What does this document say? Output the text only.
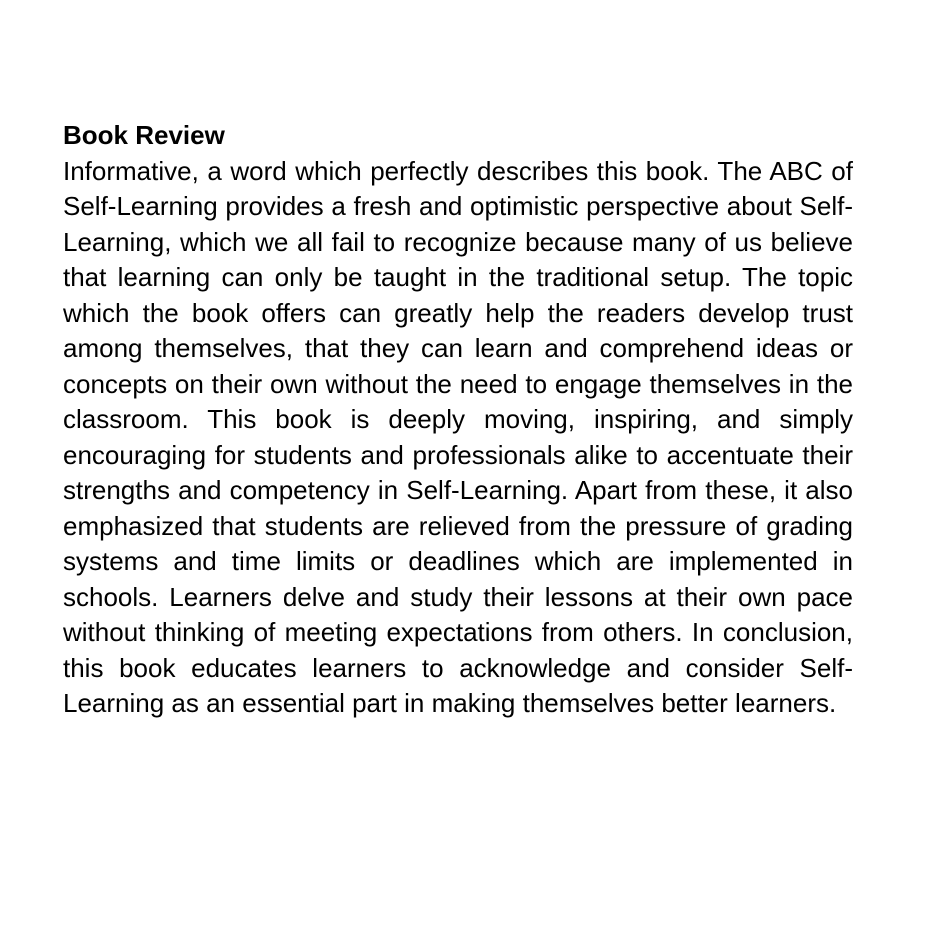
Book Review

Informative, a word which perfectly describes this book. The ABC of Self-Learning provides a fresh and optimistic perspective about Self-Learning, which we all fail to recognize because many of us believe that learning can only be taught in the traditional setup. The topic which the book offers can greatly help the readers develop trust among themselves, that they can learn and comprehend ideas or concepts on their own without the need to engage themselves in the classroom. This book is deeply moving, inspiring, and simply encouraging for students and professionals alike to accentuate their strengths and competency in Self-Learning. Apart from these, it also emphasized that students are relieved from the pressure of grading systems and time limits or deadlines which are implemented in schools. Learners delve and study their lessons at their own pace without thinking of meeting expectations from others. In conclusion, this book educates learners to acknowledge and consider Self-Learning as an essential part in making themselves better learners.
